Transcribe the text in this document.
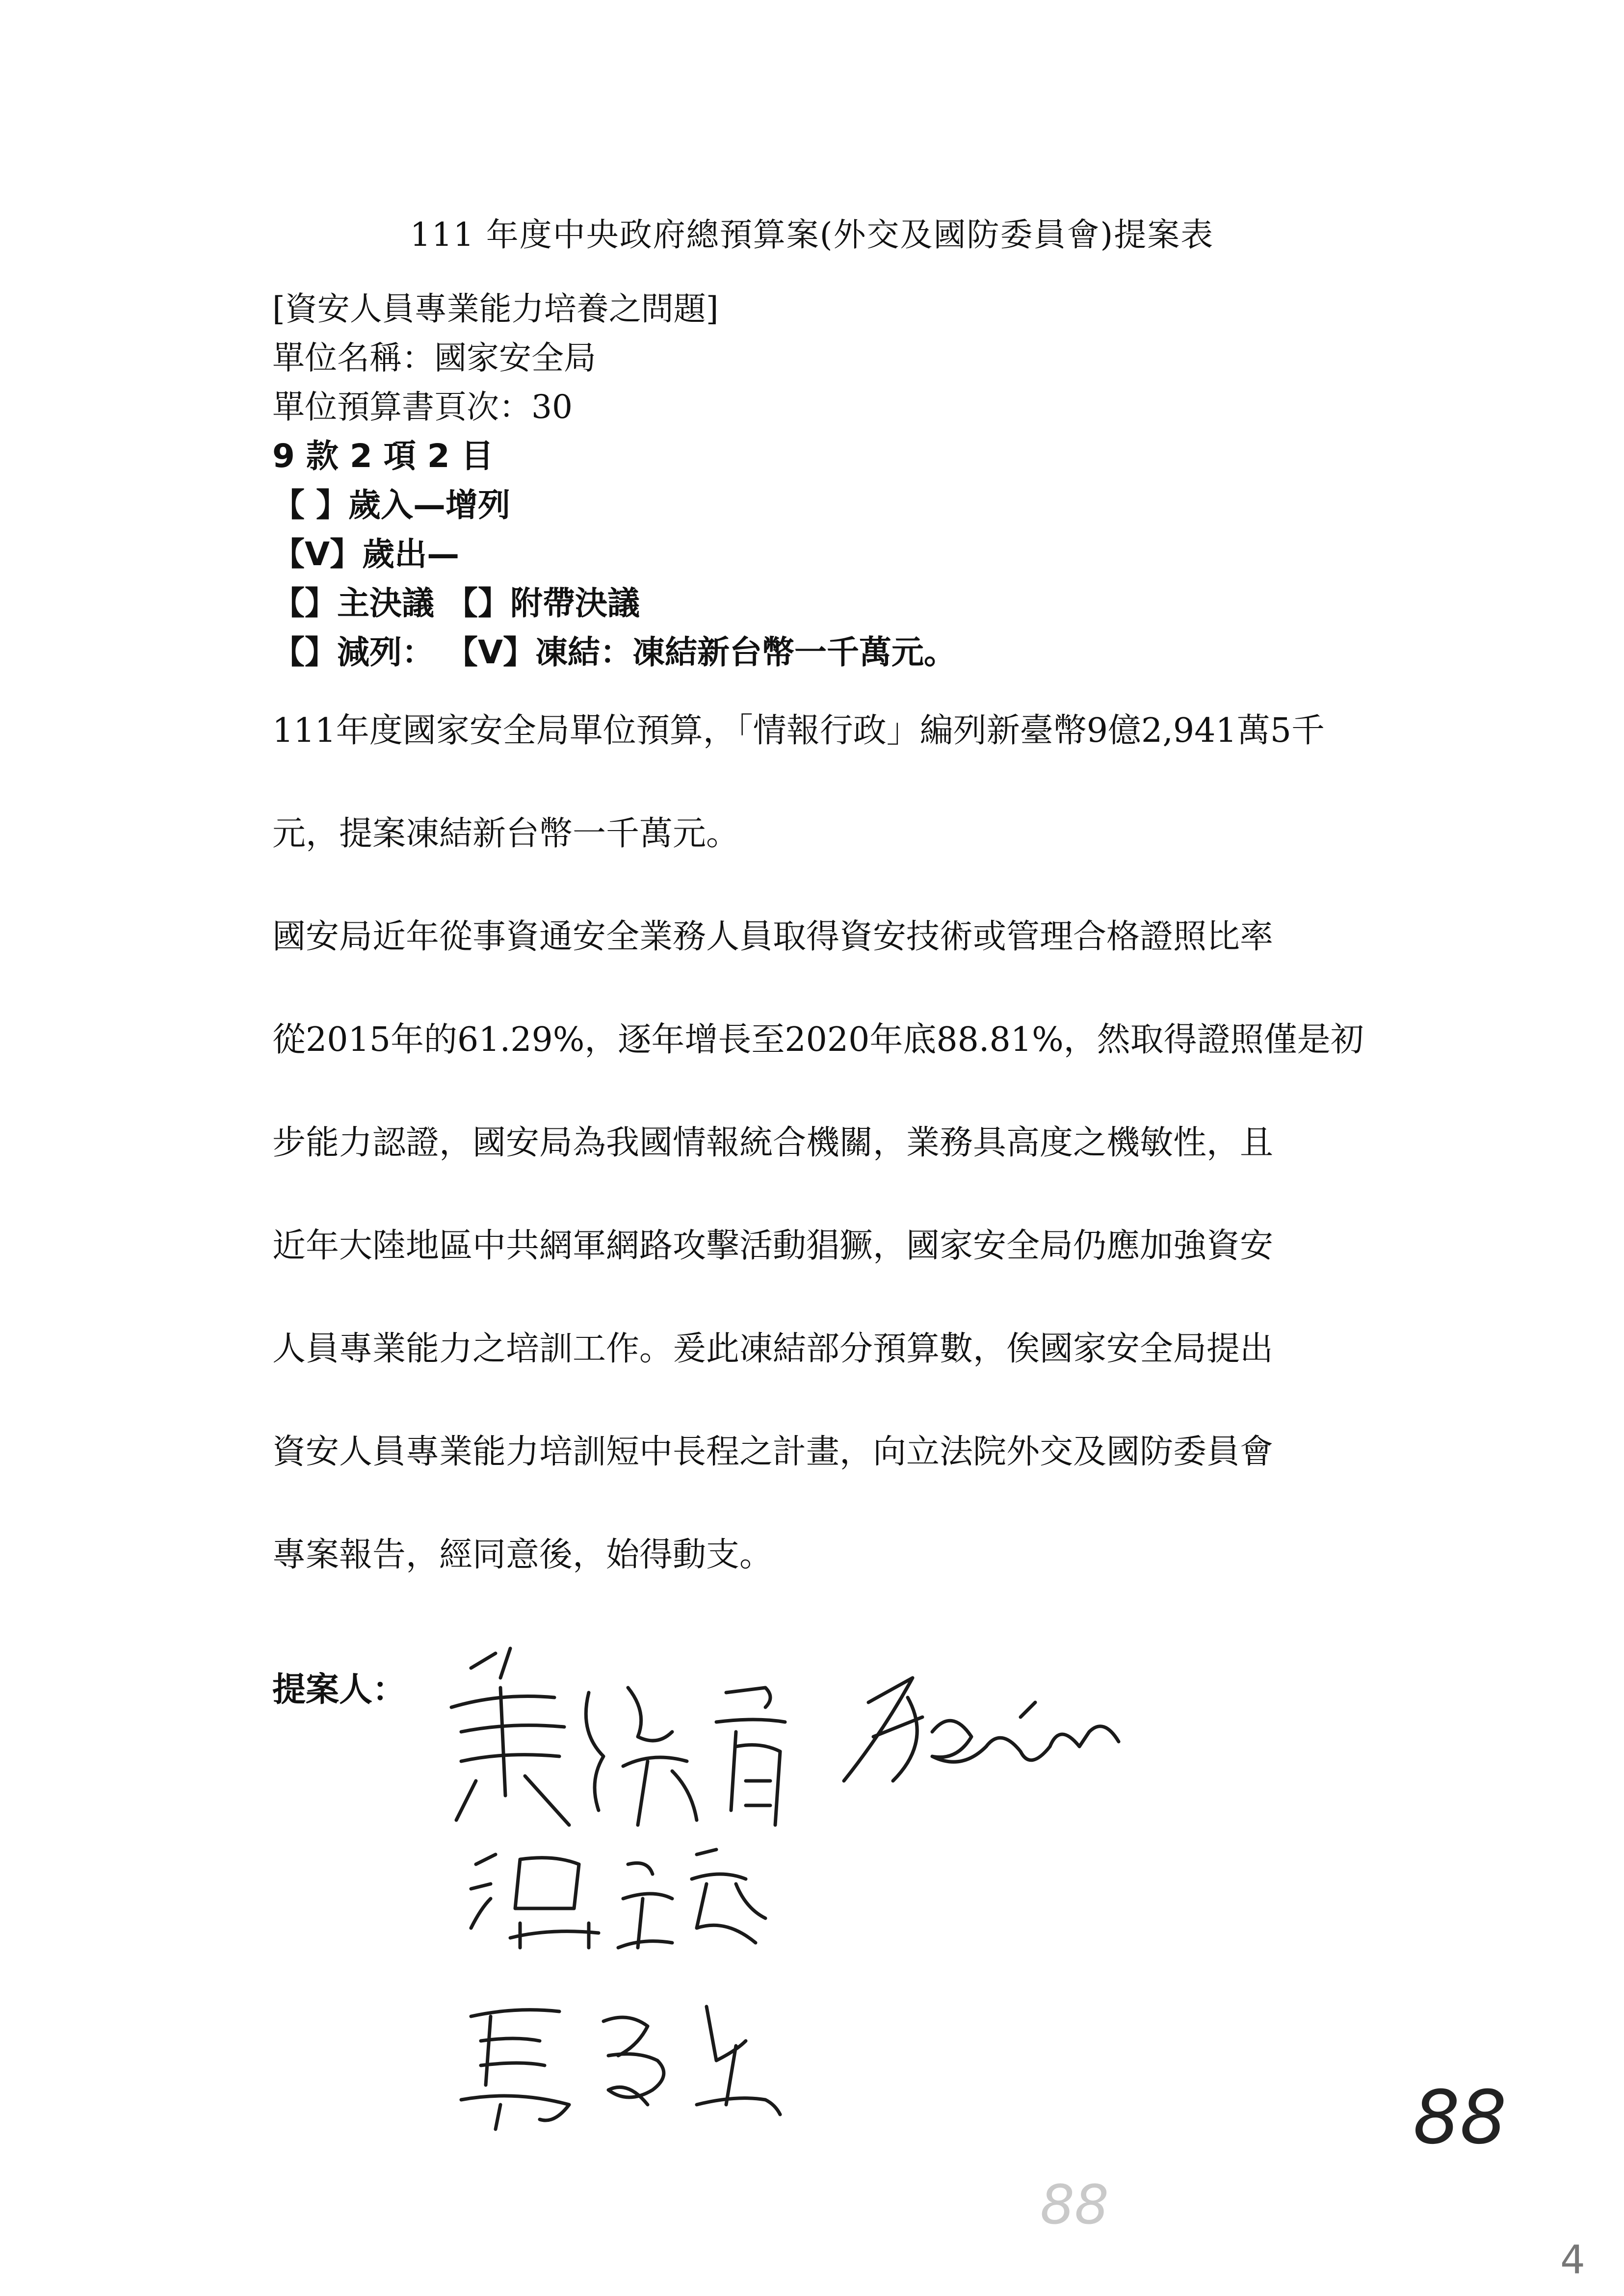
111 年度中央政府總預算案(外交及國防委員會)提案表
[資安人員專業能力培養之問題]
單位名稱：國家安全局
單位預算書頁次：30
9 款 2 項 2 目
【 】歲入—增列
【V】歲出—
【】主決議 【】附帶決議
【】減列： 【V】凍結：凍結新台幣一千萬元。
111年度國家安全局單位預算，「情報行政」編列新臺幣9億2,941萬5千
元，提案凍結新台幣一千萬元。
國安局近年從事資通安全業務人員取得資安技術或管理合格證照比率
從2015年的61.29%，逐年增長至2020年底88.81%，然取得證照僅是初
步能力認證，國安局為我國情報統合機關，業務具高度之機敏性，且
近年大陸地區中共網軍網路攻擊活動猖獗，國家安全局仍應加強資安
人員專業能力之培訓工作。爰此凍結部分預算數，俟國家安全局提出
資安人員專業能力培訓短中長程之計畫，向立法院外交及國防委員會
專案報告，經同意後，始得動支。
提案人：
88
88
4
